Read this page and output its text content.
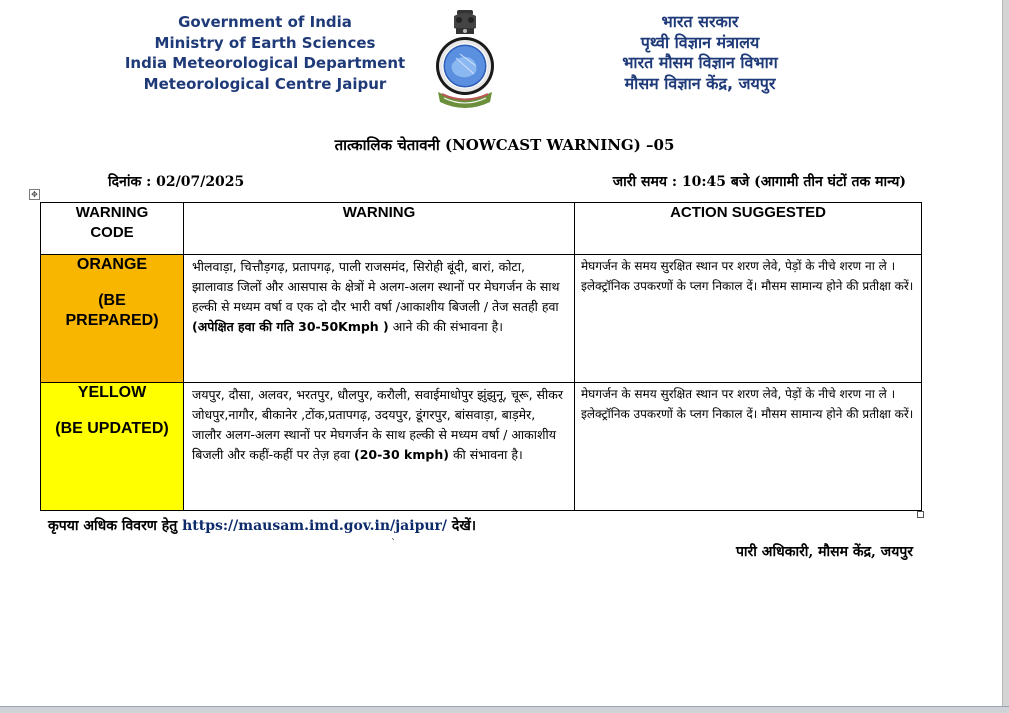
Government of India
Ministry of Earth Sciences
India Meteorological Department
Meteorological Centre Jaipur
भारत सरकार
पृथ्वी विज्ञान मंत्रालय
भारत मौसम विज्ञान विभाग
मौसम विज्ञान केंद्र, जयपुर
तात्कालिक चेतावनी (NOWCAST WARNING) –05
दिनांक : 02/07/2025	जारी समय : 10:45 बजे (आगामी तीन घंटों तक मान्य)
✥
WARNING CODE	WARNING	ACTION SUGGESTED

ORANGE
(BE PREPARED)	भीलवाड़ा, चित्तौड़गढ़, प्रतापगढ़, पाली राजसमंद, सिरोही बूंदी, बारां, कोटा, झालावाड जिलों और आसपास के क्षेत्रों मे अलग-अलग स्थानों पर मेघगर्जन के साथ हल्की से मध्यम वर्षा व एक दो दौर भारी वर्षा /आकाशीय बिजली / तेज सतही हवा (अपेक्षित हवा की गति 30-50Kmph ) आने की की संभावना है।	मेघगर्जन के समय सुरक्षित स्थान पर शरण लेवे, पेड़ों के नीचे शरण ना ले । इलेक्ट्रॉनिक उपकरणों के प्लग निकाल दें। मौसम सामान्य होने की प्रतीक्षा करें।

YELLOW
(BE UPDATED)	जयपुर, दौसा, अलवर, भरतपुर, धौलपुर, करौली, सवाईमाधोपुर झुंझुनू, चूरू, सीकर जोधपुर,नागौर, बीकानेर ,टोंक,प्रतापगढ़, उदयपुर, डूंगरपुर, बांसवाड़ा, बाड़मेर, जालौर अलग-अलग स्थानों पर मेघगर्जन के साथ हल्की से मध्यम वर्षा / आकाशीय बिजली और कहीं-कहीं पर तेज़ हवा (20-30 kmph) की संभावना है।	मेघगर्जन के समय सुरक्षित स्थान पर शरण लेवे, पेड़ों के नीचे शरण ना ले । इलेक्ट्रॉनिक उपकरणों के प्लग निकाल दें। मौसम सामान्य होने की प्रतीक्षा करें।
कृपया अधिक विवरण हेतु https://mausam.imd.gov.in/jaipur/ देखें।
`
पारी अधिकारी, मौसम केंद्र, जयपुर
